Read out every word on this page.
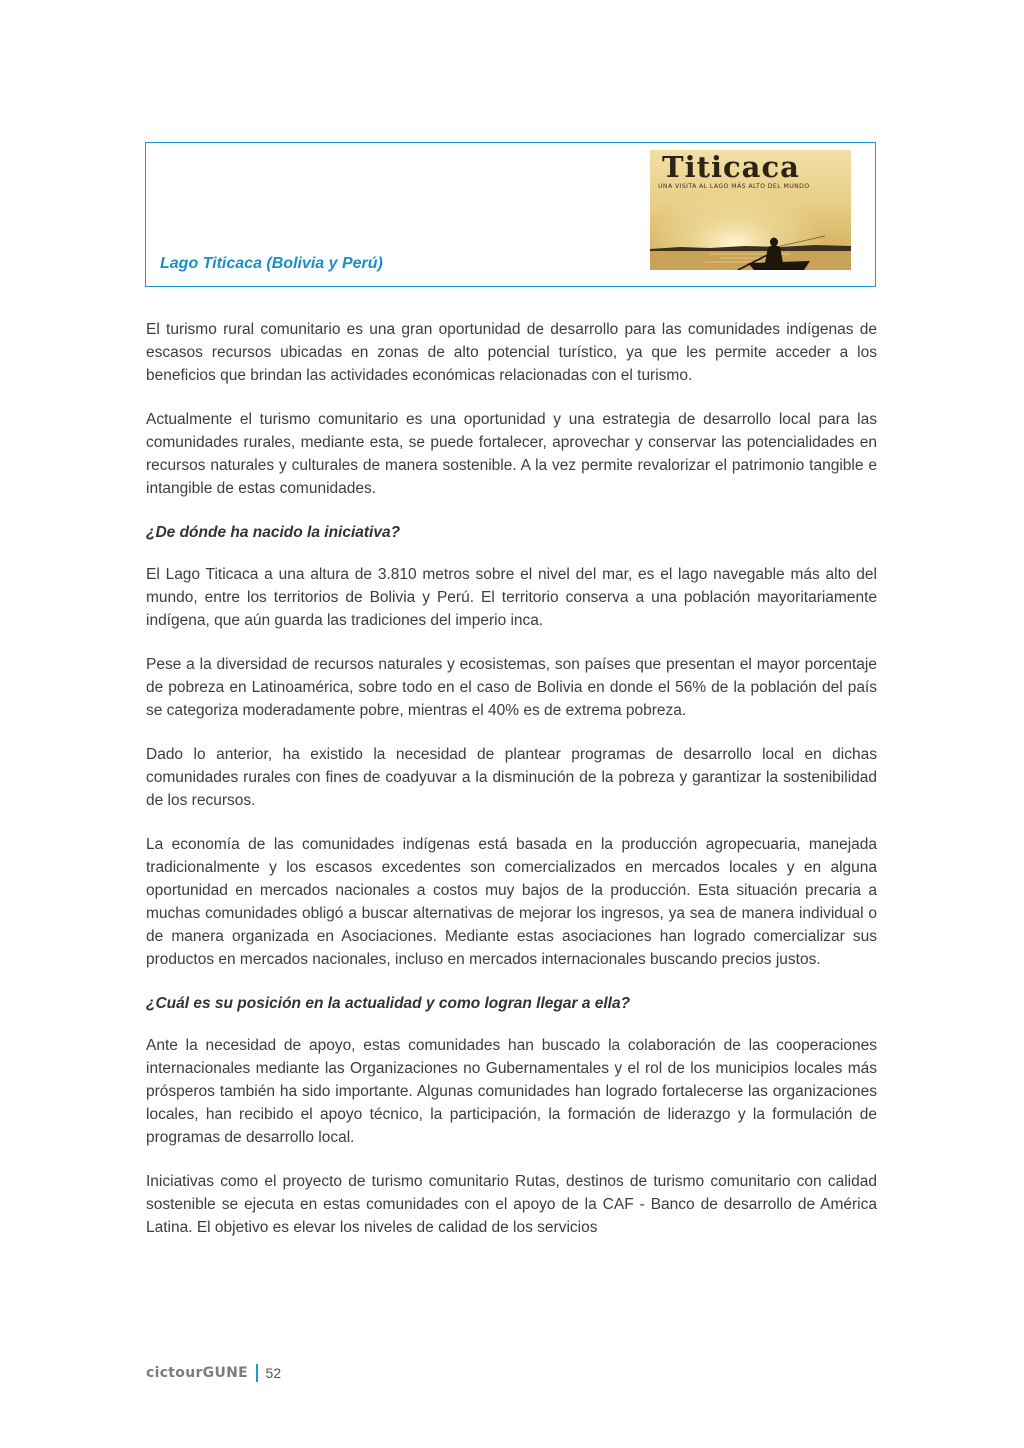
Lago Titicaca (Bolivia y Perú)
Titicaca
UNA VISITA AL LAGO MÁS ALTO DEL MUNDO

El turismo rural comunitario es una gran oportunidad de desarrollo para las comunidades indígenas de escasos recursos ubicadas en zonas de alto potencial turístico, ya que les permite acceder a los beneficios que brindan las actividades económicas relacionadas con el turismo.

Actualmente el turismo comunitario es una oportunidad y una estrategia de desarrollo local para las comunidades rurales, mediante esta, se puede fortalecer, aprovechar y conservar las potencialidades en recursos naturales y culturales de manera sostenible. A la vez permite revalorizar el patrimonio tangible e intangible de estas comunidades.

¿De dónde ha nacido la iniciativa?

El Lago Titicaca a una altura de 3.810 metros sobre el nivel del mar, es el lago navegable más alto del mundo, entre los territorios de Bolivia y Perú. El territorio conserva a una población mayoritariamente indígena, que aún guarda las tradiciones del imperio inca.

Pese a la diversidad de recursos naturales y ecosistemas, son países que presentan el mayor porcentaje de pobreza en Latinoamérica, sobre todo en el caso de Bolivia en donde el 56% de la población del país se categoriza moderadamente pobre, mientras el 40% es de extrema pobreza.

Dado lo anterior, ha existido la necesidad de plantear programas de desarrollo local en dichas comunidades rurales con fines de coadyuvar a la disminución de la pobreza y garantizar la sostenibilidad de los recursos.

La economía de las comunidades indígenas está basada en la producción agropecuaria, manejada tradicionalmente y los escasos excedentes son comercializados en mercados locales y en alguna oportunidad en mercados nacionales a costos muy bajos de la producción. Esta situación precaria a muchas comunidades obligó a buscar alternativas de mejorar los ingresos, ya sea de manera individual o de manera organizada en Asociaciones. Mediante estas asociaciones han logrado comercializar sus productos en mercados nacionales, incluso en mercados internacionales buscando precios justos.

¿Cuál es su posición en la actualidad y como logran llegar a ella?

Ante la necesidad de apoyo, estas comunidades han buscado la colaboración de las cooperaciones internacionales mediante las Organizaciones no Gubernamentales y el rol de los municipios locales más prósperos también ha sido importante. Algunas comunidades han logrado fortalecerse las organizaciones locales, han recibido el apoyo técnico, la participación, la formación de liderazgo y la formulación de programas de desarrollo local.

Iniciativas como el proyecto de turismo comunitario Rutas, destinos de turismo comunitario con calidad sostenible se ejecuta en estas comunidades con el apoyo de la CAF - Banco de desarrollo de América Latina. El objetivo es elevar los niveles de calidad de los servicios

cictourGUNE 52
